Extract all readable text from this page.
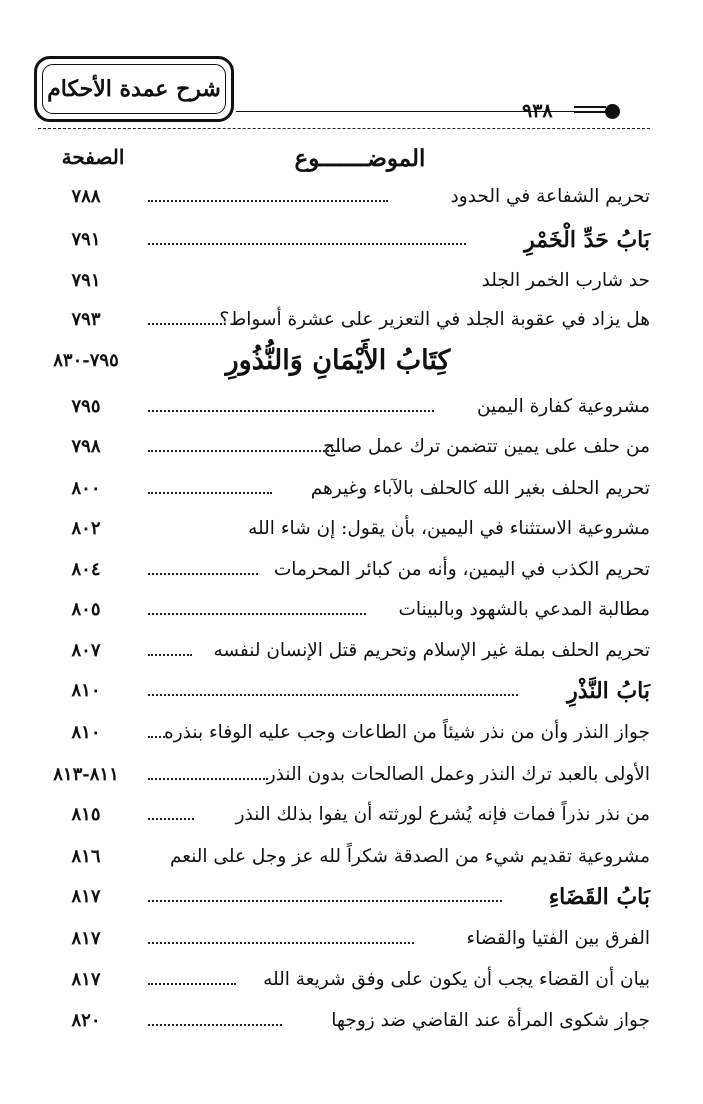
شرح عمدة الأحكام
٩٣٨
الموضـــــــوع
الصفحة
تحريم الشفاعة في الحدود
٧٨٨
بَابُ حَدِّ الْخَمْرِ
٧٩١
حد شارب الخمر الجلد
٧٩١
هل يزاد في عقوبة الجلد في التعزير على عشرة أسواط؟
٧٩٣
كِتَابُ الأَيْمَانِ وَالنُّذُورِ
٧٩٥-٨٣٠
مشروعية كفارة اليمين
٧٩٥
من حلف على يمين تتضمن ترك عمل صالح
٧٩٨
تحريم الحلف بغير الله كالحلف بالآباء وغيرهم
٨٠٠
مشروعية الاستثناء في اليمين، بأن يقول: إن شاء الله
٨٠٢
تحريم الكذب في اليمين، وأنه من كبائر المحرمات
٨٠٤
مطالبة المدعي بالشهود وبالبينات
٨٠٥
تحريم الحلف بملة غير الإسلام وتحريم قتل الإنسان لنفسه
٨٠٧
بَابُ النَّذْرِ
٨١٠
جواز النذر وأن من نذر شيئاً من الطاعات وجب عليه الوفاء بنذره
٨١٠
الأولى بالعبد ترك النذر وعمل الصالحات بدون النذر
٨١١-٨١٣
من نذر نذراً فمات فإنه يُشرع لورثته أن يفوا بذلك النذر
٨١٥
مشروعية تقديم شيء من الصدقة شكراً لله عز وجل على النعم
٨١٦
بَابُ القَضَاءِ
٨١٧
الفرق بين الفتيا والقضاء
٨١٧
بيان أن القضاء يجب أن يكون على وفق شريعة الله
٨١٧
جواز شكوى المرأة عند القاضي ضد زوجها
٨٢٠
